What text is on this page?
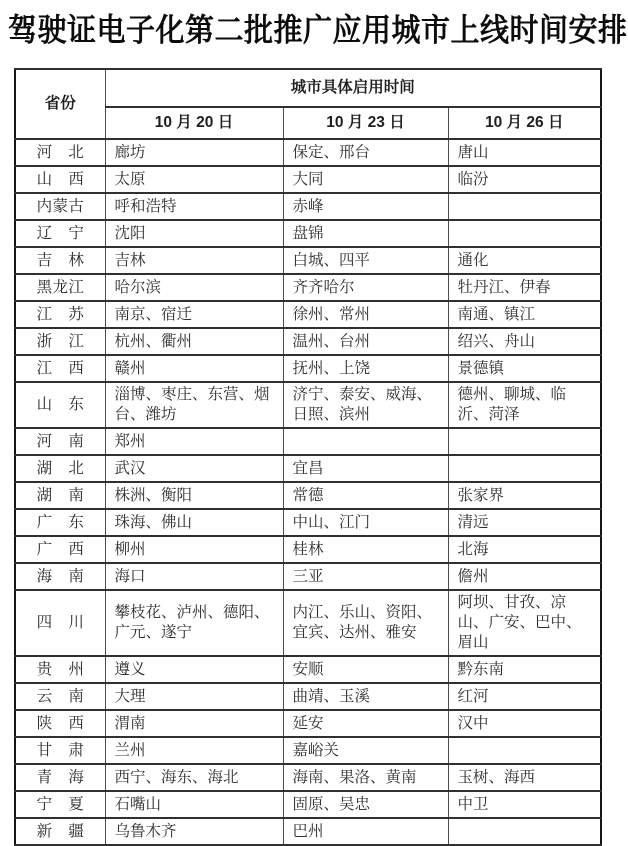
驾驶证电子化第二批推广应用城市上线时间安排
省份	城市具体启用时间		
	10 月 20 日	10 月 23 日	10 月 26 日
河北	廊坊	保定、邢台	唐山
山西	太原	大同	临汾
内蒙古	呼和浩特	赤峰	
辽宁	沈阳	盘锦	
吉林	吉林	白城、四平	通化
黑龙江	哈尔滨	齐齐哈尔	牡丹江、伊春
江苏	南京、宿迁	徐州、常州	南通、镇江
浙江	杭州、衢州	温州、台州	绍兴、舟山
江西	赣州	抚州、上饶	景德镇
山东	淄博、枣庄、东营、烟台、潍坊	济宁、泰安、威海、日照、滨州	德州、聊城、临沂、菏泽
河南	郑州		
湖北	武汉	宜昌	
湖南	株洲、衡阳	常德	张家界
广东	珠海、佛山	中山、江门	清远
广西	柳州	桂林	北海
海南	海口	三亚	儋州
四川	攀枝花、泸州、德阳、广元、遂宁	内江、乐山、资阳、宜宾、达州、雅安	阿坝、甘孜、凉山、广安、巴中、眉山
贵州	遵义	安顺	黔东南
云南	大理	曲靖、玉溪	红河
陕西	渭南	延安	汉中
甘肃	兰州	嘉峪关	
青海	西宁、海东、海北	海南、果洛、黄南	玉树、海西
宁夏	石嘴山	固原、吴忠	中卫
新疆	乌鲁木齐	巴州	
